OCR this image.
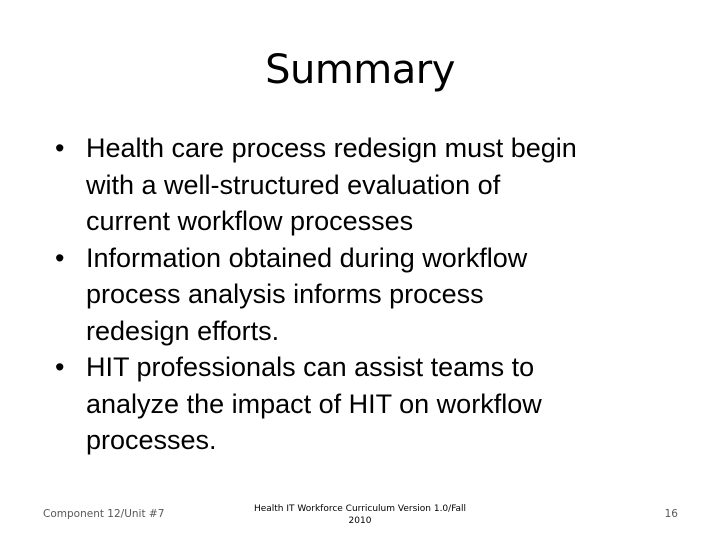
Summary
• Health care process redesign must begin
with a well-structured evaluation of
current workflow processes
• Information obtained during workflow
process analysis informs process
redesign efforts.
• HIT professionals can assist teams to
analyze the impact of HIT on workflow
processes.
Component 12/Unit #7	Health IT Workforce Curriculum Version 1.0/Fall
2010
16
